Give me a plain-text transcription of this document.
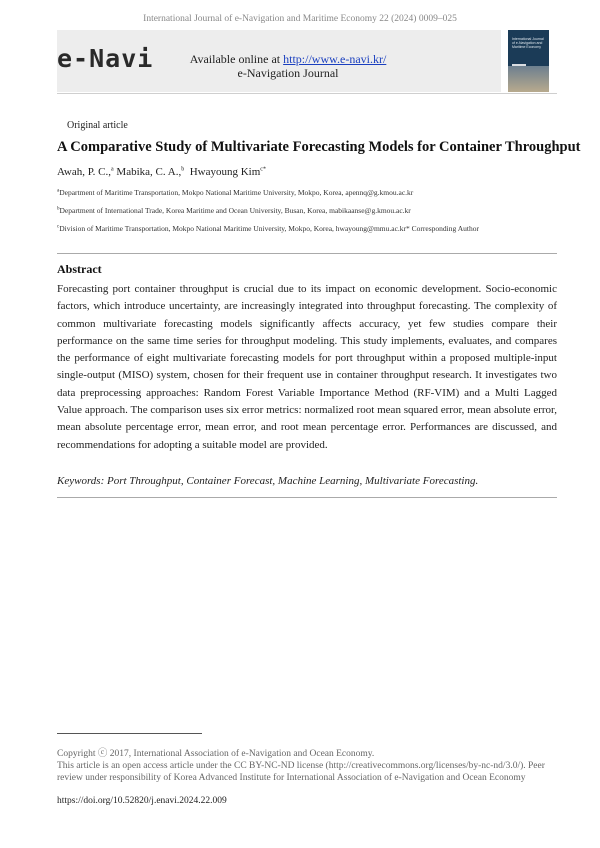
International Journal of e-Navigation and Maritime Economy 22 (2024) 0009–025
e-Navi	Available online at http://www.e-navi.kr/
e-Navigation Journal
International Journal of e-Navigation and Maritime Economy
Original article
A Comparative Study of Multivariate Forecasting Models for Container Throughput
Awah, P. C.,$^a$ Mabika, C. A.,$^b$ Hwayoung Kim$^{c*}$
$^a$Department of Maritime Transportation, Mokpo National Maritime University, Mokpo, Korea, apennq@g.kmou.ac.kr
$^b$Department of International Trade, Korea Maritime and Ocean University, Busan, Korea, mabikaanse@g.kmou.ac.kr
$^c$Division of Maritime Transportation, Mokpo National Maritime University, Mokpo, Korea, hwayoung@mmu.ac.kr* Corresponding Author
Abstract

Forecasting port container throughput is crucial due to its impact on economic development. Socio-economic factors, which introduce uncertainty, are increasingly integrated into throughput forecasting. The complexity of common multivariate forecasting models significantly affects accuracy, yet few studies compare their performance on the same time series for throughput modeling. This study implements, evaluates, and compares the performance of eight multivariate forecasting models for port throughput within a proposed multiple-input single-output (MISO) system, chosen for their frequent use in container throughput research. It investigates two data preprocessing approaches: Random Forest Variable Importance Method (RF-VIM) and a Multi Lagged Value approach. The comparison uses six error metrics: normalized root mean squared error, mean absolute error, mean absolute percentage error, mean error, and root mean percentage error. Performances are discussed, and recommendations for adopting a suitable model are provided.

Keywords: Port Throughput, Container Forecast, Machine Learning, Multivariate Forecasting.
Copyright ⓒ 2017, International Association of e-Navigation and Ocean Economy.

This article is an open access article under the CC BY-NC-ND license (http://creativecommons.org/licenses/by-nc-nd/3.0/). Peer review under responsibility of Korea Advanced Institute for International Association of e-Navigation and Ocean Economy

https://doi.org/10.52820/j.enavi.2024.22.009
